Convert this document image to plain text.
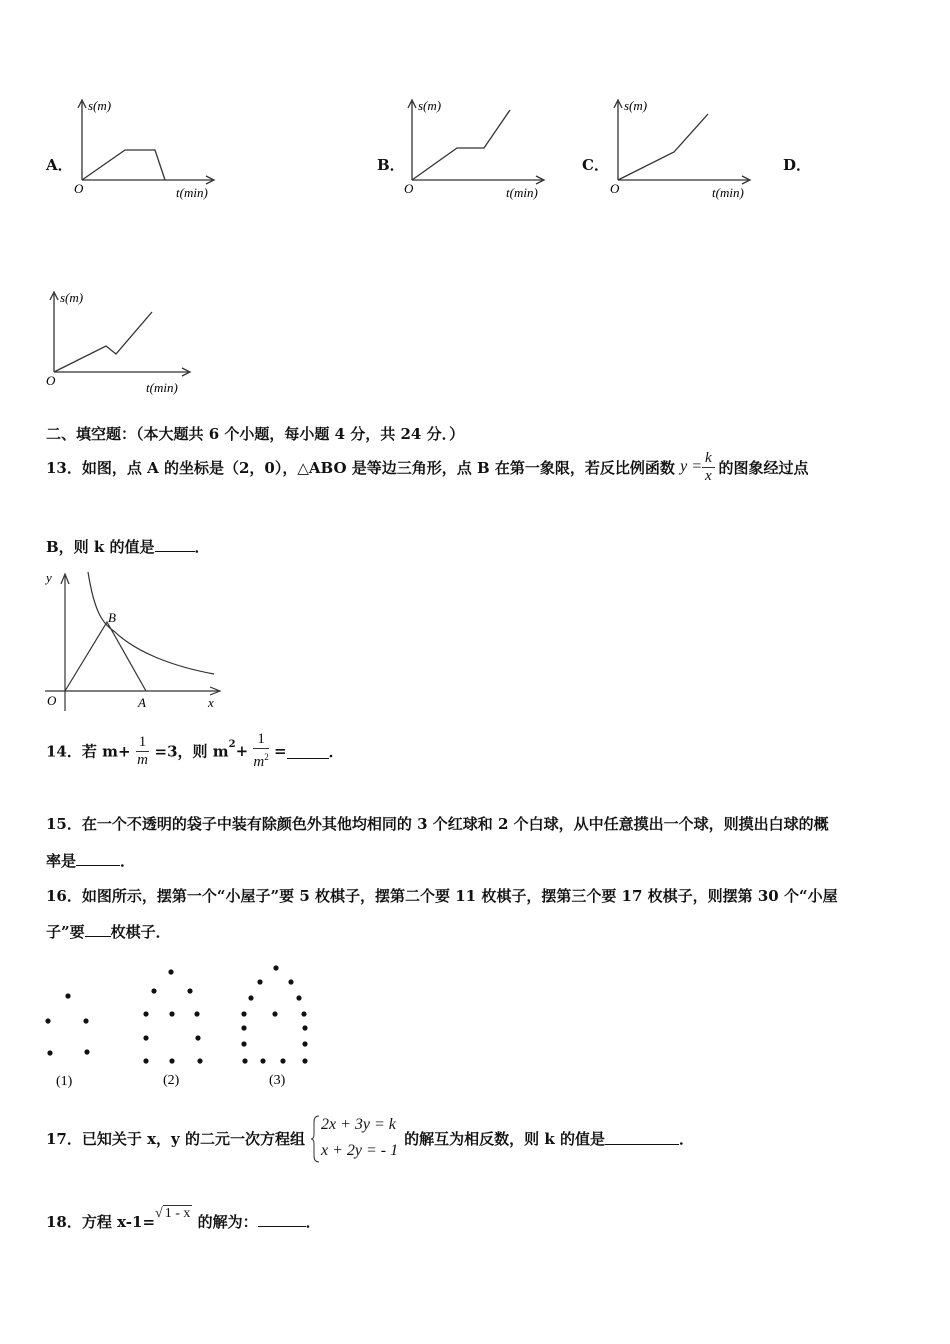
s(m)
O	t(min)
A．
s(m)
O	t(min)
B．
s(m)
O	t(min)
C．	D．
s(m)
O	t(min)
二、填空题：（本大题共 6 个小题，每小题 4 分，共 24 分．）
13．如图，点 A 的坐标是（2，0），△ABO 是等边三角形，点 B 在第一象限，若反比例函数 $y = \frac{k}{x}$ 的图象经过点
B，则 k 的值是	．
y
O	A	x
B
14．若 $m+ \frac{1}{m} =3$，则 $m^2+ \frac{1}{m^2}$ =	．
15．在一个不透明的袋子中装有除颜色外其他均相同的 3 个红球和 2 个白球，从中任意摸出一个球，则摸出白球的概
率是	．
16．如图所示，摆第一个“小屋子”要 5 枚棋子，摆第二个要 11 枚棋子，摆第三个要 17 枚棋子，则摆第 30 个“小屋
子”要 枚棋子．
(1)	(2)	(3)
17．已知关于 x，y 的二元一次方程组
2x + 3y = k
x + 2y = - 1
的解互为相反数，则 k 的值是	．
18．方程 x-1=√ 1 - x 的解为：	．
